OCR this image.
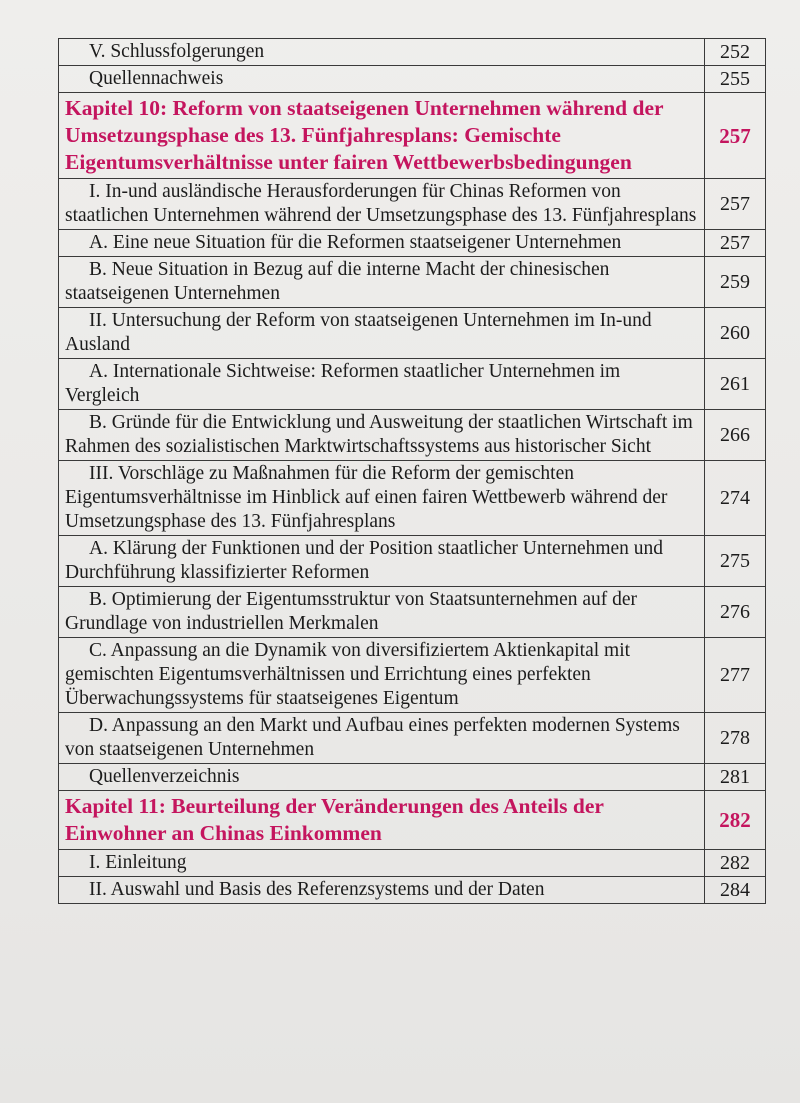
V. Schlussfolgerungen	252
Quellennachweis	255
Kapitel 10: Reform von staatseigenen Unternehmen während der Umsetzungsphase des 13. Fünfjahresplans: Gemischte Eigentumsverhältnisse unter fairen Wettbewerbsbedingungen	257
I. In-und ausländische Herausforderungen für Chinas Reformen von staatlichen Unternehmen während der Umsetzungsphase des 13. Fünfjahresplans	257
A. Eine neue Situation für die Reformen staatseigener Unternehmen	257
B. Neue Situation in Bezug auf die interne Macht der chinesischen staatseigenen Unternehmen	259
II. Untersuchung der Reform von staatseigenen Unternehmen im In-und Ausland	260
A. Internationale Sichtweise: Reformen staatlicher Unternehmen im Vergleich	261
B. Gründe für die Entwicklung und Ausweitung der staatlichen Wirtschaft im Rahmen des sozialistischen Marktwirtschaftssystems aus historischer Sicht	266
III. Vorschläge zu Maßnahmen für die Reform der gemischten Eigentumsverhältnisse im Hinblick auf einen fairen Wettbewerb während der Umsetzungsphase des 13. Fünfjahresplans	274
A. Klärung der Funktionen und der Position staatlicher Unternehmen und Durchführung klassifizierter Reformen	275
B. Optimierung der Eigentumsstruktur von Staatsunternehmen auf der Grundlage von industriellen Merkmalen	276
C. Anpassung an die Dynamik von diversifiziertem Aktienkapital mit gemischten Eigentumsverhältnissen und Errichtung eines perfekten Überwachungssystems für staatseigenes Eigentum	277
D. Anpassung an den Markt und Aufbau eines perfekten modernen Systems von staatseigenen Unternehmen	278
Quellenverzeichnis	281
Kapitel 11: Beurteilung der Veränderungen des Anteils der Einwohner an Chinas Einkommen	282
I. Einleitung	282
II. Auswahl und Basis des Referenzsystems und der Daten	284
